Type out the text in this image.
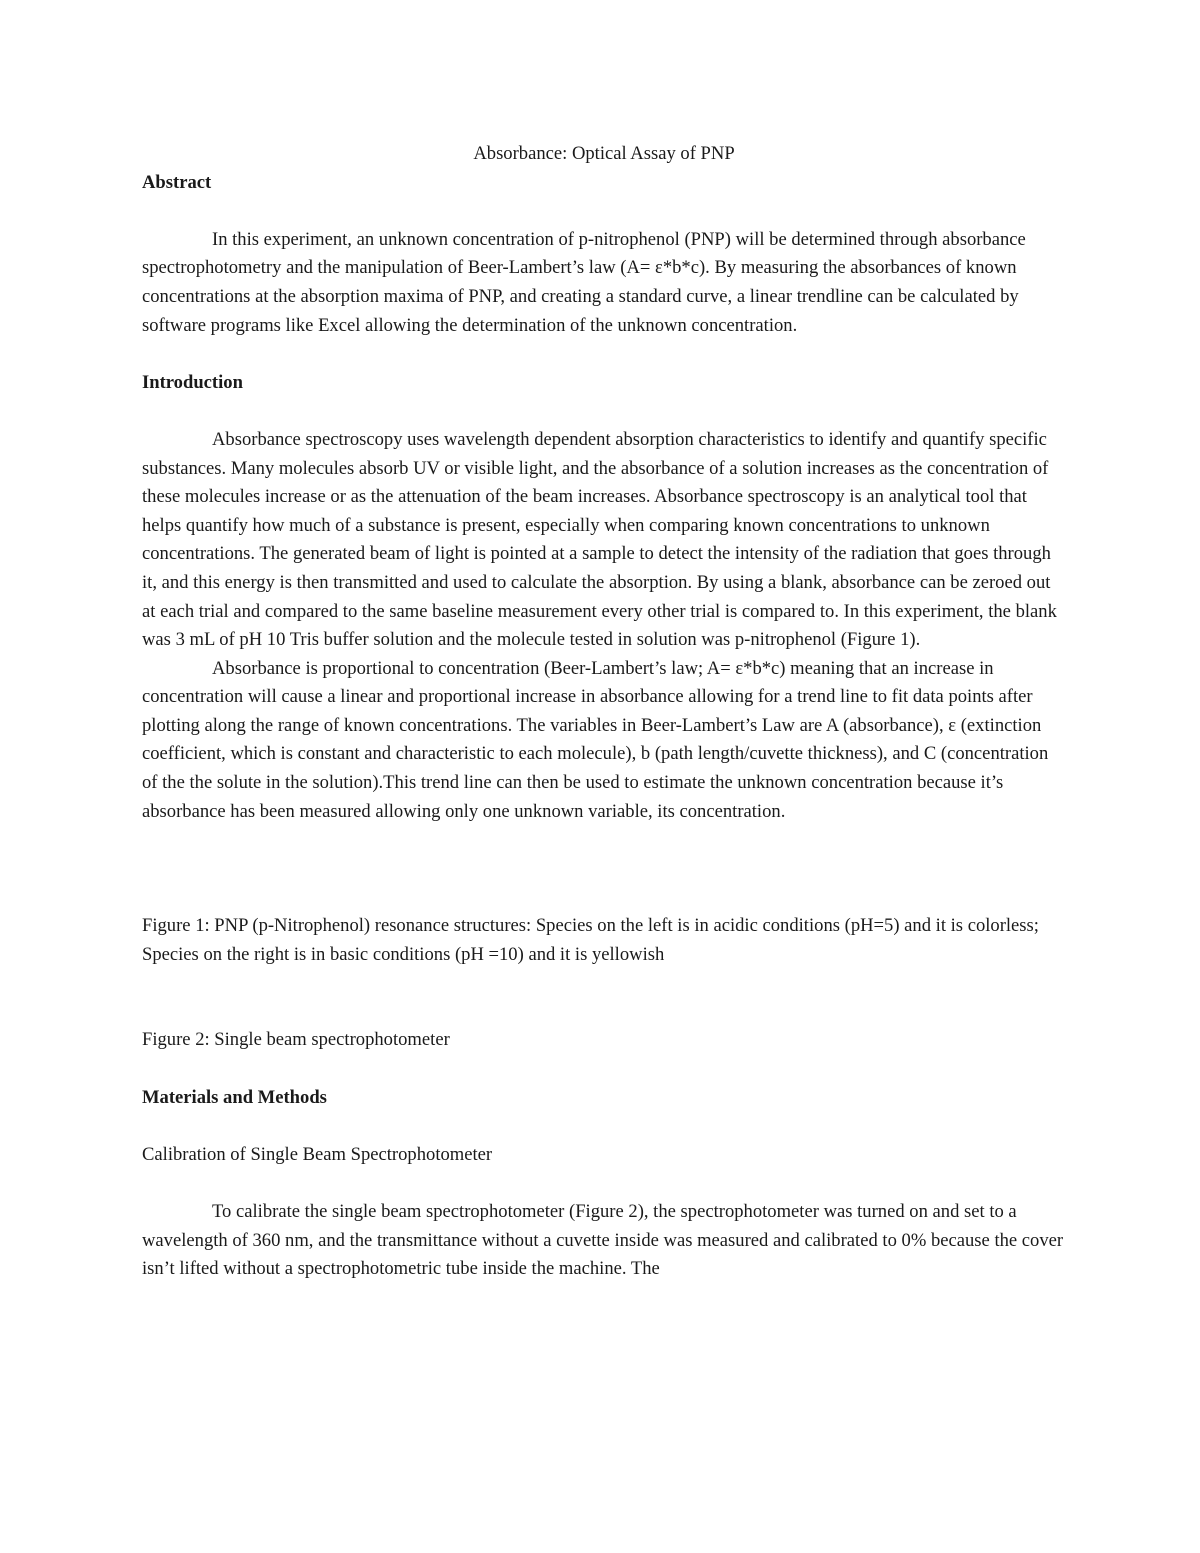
Absorbance: Optical Assay of PNP
Abstract

In this experiment, an unknown concentration of p-nitrophenol (PNP) will be determined through absorbance spectrophotometry and the manipulation of Beer-Lambert’s law (A= ε*b*c). By measuring the absorbances of known concentrations at the absorption maxima of PNP, and creating a standard curve, a linear trendline can be calculated by software programs like Excel allowing the determination of the unknown concentration.

Introduction

Absorbance spectroscopy uses wavelength dependent absorption characteristics to identify and quantify specific substances. Many molecules absorb UV or visible light, and the absorbance of a solution increases as the concentration of these molecules increase or as the attenuation of the beam increases. Absorbance spectroscopy is an analytical tool that helps quantify how much of a substance is present, especially when comparing known concentrations to unknown concentrations. The generated beam of light is pointed at a sample to detect the intensity of the radiation that goes through it, and this energy is then transmitted and used to calculate the absorption. By using a blank, absorbance can be zeroed out at each trial and compared to the same baseline measurement every other trial is compared to. In this experiment, the blank was 3 mL of pH 10 Tris buffer solution and the molecule tested in solution was p-nitrophenol (Figure 1).

Absorbance is proportional to concentration (Beer-Lambert’s law; A= ε*b*c) meaning that an increase in concentration will cause a linear and proportional increase in absorbance allowing for a trend line to fit data points after plotting along the range of known concentrations. The variables in Beer-Lambert’s Law are A (absorbance), ε (extinction coefficient, which is constant and characteristic to each molecule), b (path length/cuvette thickness), and C (concentration of the the solute in the solution).This trend line can then be used to estimate the unknown concentration because it’s absorbance has been measured allowing only one unknown variable, its concentration.

Figure 1: PNP (p-Nitrophenol) resonance structures: Species on the left is in acidic conditions (pH=5) and it is colorless; Species on the right is in basic conditions (pH =10) and it is yellowish

Figure 2: Single beam spectrophotometer

Materials and Methods

Calibration of Single Beam Spectrophotometer

To calibrate the single beam spectrophotometer (Figure 2), the spectrophotometer was turned on and set to a wavelength of 360 nm, and the transmittance without a cuvette inside was measured and calibrated to 0% because the cover isn’t lifted without a spectrophotometric tube inside the machine. The
